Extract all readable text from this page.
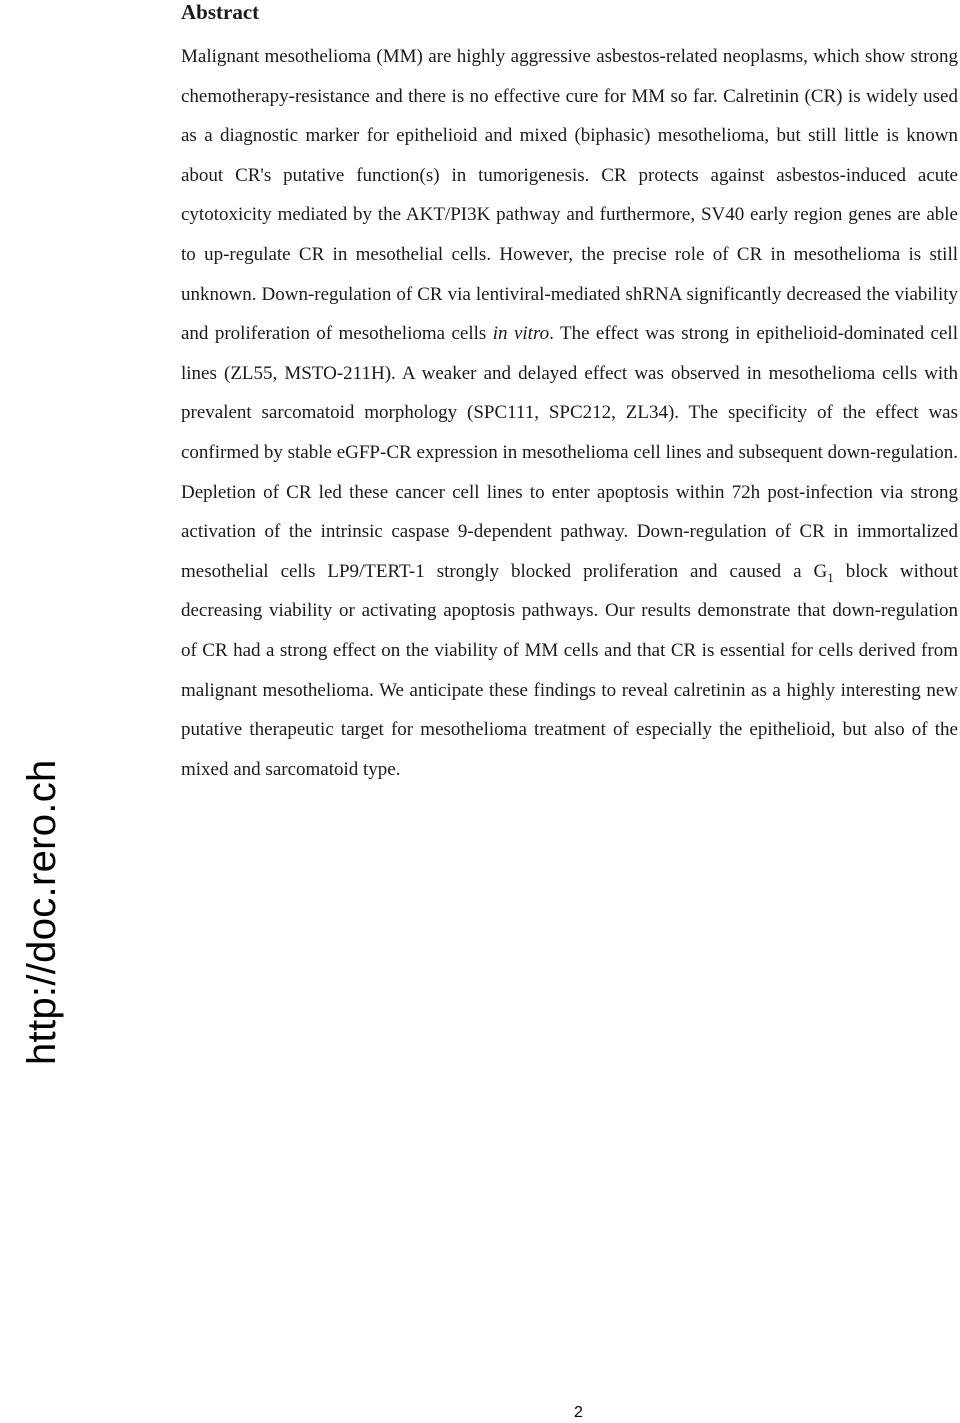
http://doc.rero.ch
Abstract

Malignant mesothelioma (MM) are highly aggressive asbestos-related neoplasms, which show strong chemotherapy-resistance and there is no effective cure for MM so far. Calretinin (CR) is widely used as a diagnostic marker for epithelioid and mixed (biphasic) mesothelioma, but still little is known about CR's putative function(s) in tumorigenesis. CR protects against asbestos-induced acute cytotoxicity mediated by the AKT/PI3K pathway and furthermore, SV40 early region genes are able to up-regulate CR in mesothelial cells. However, the precise role of CR in mesothelioma is still unknown. Down-regulation of CR via lentiviral-mediated shRNA significantly decreased the viability and proliferation of mesothelioma cells in vitro. The effect was strong in epithelioid-dominated cell lines (ZL55, MSTO-211H). A weaker and delayed effect was observed in mesothelioma cells with prevalent sarcomatoid morphology (SPC111, SPC212, ZL34). The specificity of the effect was confirmed by stable eGFP-CR expression in mesothelioma cell lines and subsequent down-regulation. Depletion of CR led these cancer cell lines to enter apoptosis within 72h post-infection via strong activation of the intrinsic caspase 9-dependent pathway. Down-regulation of CR in immortalized mesothelial cells LP9/TERT-1 strongly blocked proliferation and caused a $G_1$ block without decreasing viability or activating apoptosis pathways. Our results demonstrate that down-regulation of CR had a strong effect on the viability of MM cells and that CR is essential for cells derived from malignant mesothelioma. We anticipate these findings to reveal calretinin as a highly interesting new putative therapeutic target for mesothelioma treatment of especially the epithelioid, but also of the mixed and sarcomatoid type.

2
